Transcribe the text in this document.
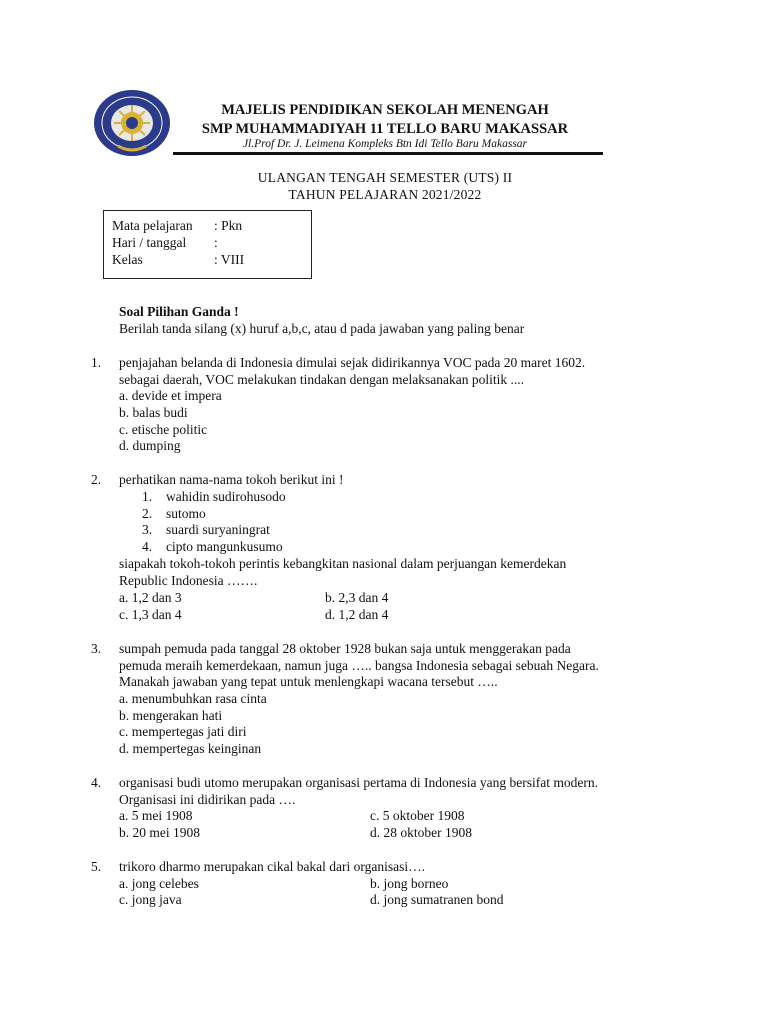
MAJELIS PENDIDIKAN SEKOLAH MENENGAH
SMP MUHAMMADIYAH 11 TELLO BARU MAKASSAR
Jl.Prof Dr. J. Leimena Kompleks Btn Idi Tello Baru Makassar
ULANGAN TENGAH SEMESTER (UTS) II
TAHUN PELAJARAN 2021/2022
Mata pelajaran : Pkn
Hari / tanggal :
Kelas	: VIII
Soal Pilihan Ganda !
Berilah tanda silang (x) huruf a,b,c, atau d pada jawaban yang paling benar
1. penjajahan belanda di Indonesia dimulai sejak didirikannya VOC pada 20 maret 1602.
sebagai daerah, VOC melakukan tindakan dengan melaksanakan politik ....
a. devide et impera
b. balas budi
c. etische politic
d. dumping
2. perhatikan nama-nama tokoh berikut ini !
1. wahidin sudirohusodo
2. sutomo
3. suardi suryaningrat
4. cipto mangunkusumo
siapakah tokoh-tokoh perintis kebangkitan nasional dalam perjuangan kemerdekan
Republic Indonesia …….
a. 1,2 dan 3	b. 2,3 dan 4
c. 1,3 dan 4	d. 1,2 dan 4
3. sumpah pemuda pada tanggal 28 oktober 1928 bukan saja untuk menggerakan pada
pemuda meraih kemerdekaan, namun juga ….. bangsa Indonesia sebagai sebuah Negara.
Manakah jawaban yang tepat untuk menlengkapi wacana tersebut …..
a. menumbuhkan rasa cinta
b. mengerakan hati
c. mempertegas jati diri
d. mempertegas keinginan
4. organisasi budi utomo merupakan organisasi pertama di Indonesia yang bersifat modern.
Organisasi ini didirikan pada ….
a. 5 mei 1908	c. 5 oktober 1908
b. 20 mei 1908	d. 28 oktober 1908
5. trikoro dharmo merupakan cikal bakal dari organisasi….
a. jong celebes	b. jong borneo
c. jong java	d. jong sumatranen bond
